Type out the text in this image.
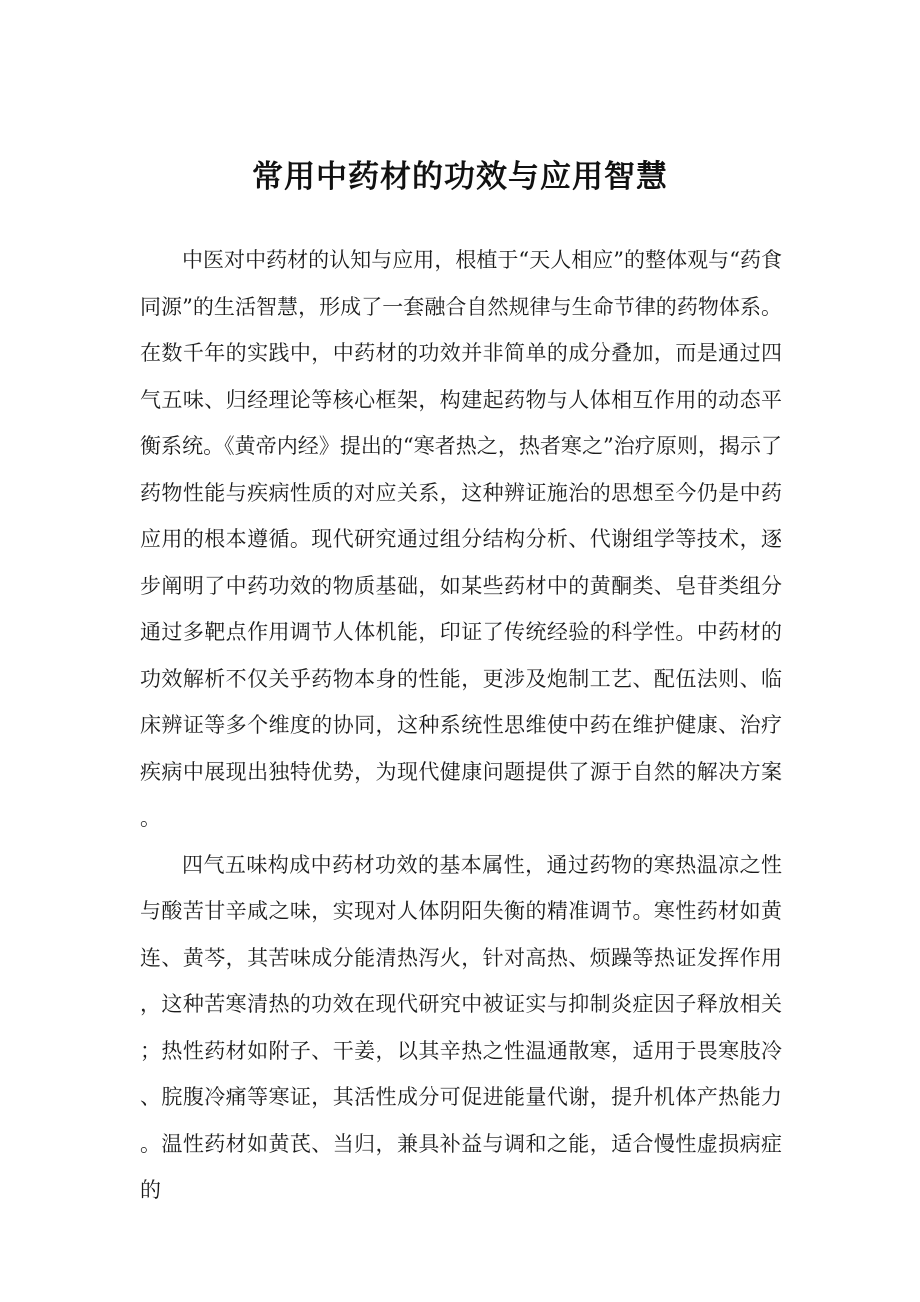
常用中药材的功效与应用智慧

中医对中药材的认知与应用，根植于“天人相应”的整体观与“药食同源”的生活智慧，形成了一套融合自然规律与生命节律的药物体系。在数千年的实践中，中药材的功效并非简单的成分叠加，而是通过四气五味、归经理论等核心框架，构建起药物与人体相互作用的动态平衡系统。《黄帝内经》提出的“寒者热之，热者寒之”治疗原则，揭示了药物性能与疾病性质的对应关系，这种辨证施治的思想至今仍是中药应用的根本遵循。现代研究通过组分结构分析、代谢组学等技术，逐步阐明了中药功效的物质基础，如某些药材中的黄酮类、皂苷类组分通过多靶点作用调节人体机能，印证了传统经验的科学性。中药材的功效解析不仅关乎药物本身的性能，更涉及炮制工艺、配伍法则、临床辨证等多个维度的协同，这种系统性思维使中药在维护健康、治疗疾病中展现出独特优势，为现代健康问题提供了源于自然的解决方案。

四气五味构成中药材功效的基本属性，通过药物的寒热温凉之性与酸苦甘辛咸之味，实现对人体阴阳失衡的精准调节。寒性药材如黄连、黄芩，其苦味成分能清热泻火，针对高热、烦躁等热证发挥作用，这种苦寒清热的功效在现代研究中被证实与抑制炎症因子释放相关；热性药材如附子、干姜，以其辛热之性温通散寒，适用于畏寒肢冷、脘腹冷痛等寒证，其活性成分可促进能量代谢，提升机体产热能力。温性药材如黄芪、当归，兼具补益与调和之能，适合慢性虚损病症的
